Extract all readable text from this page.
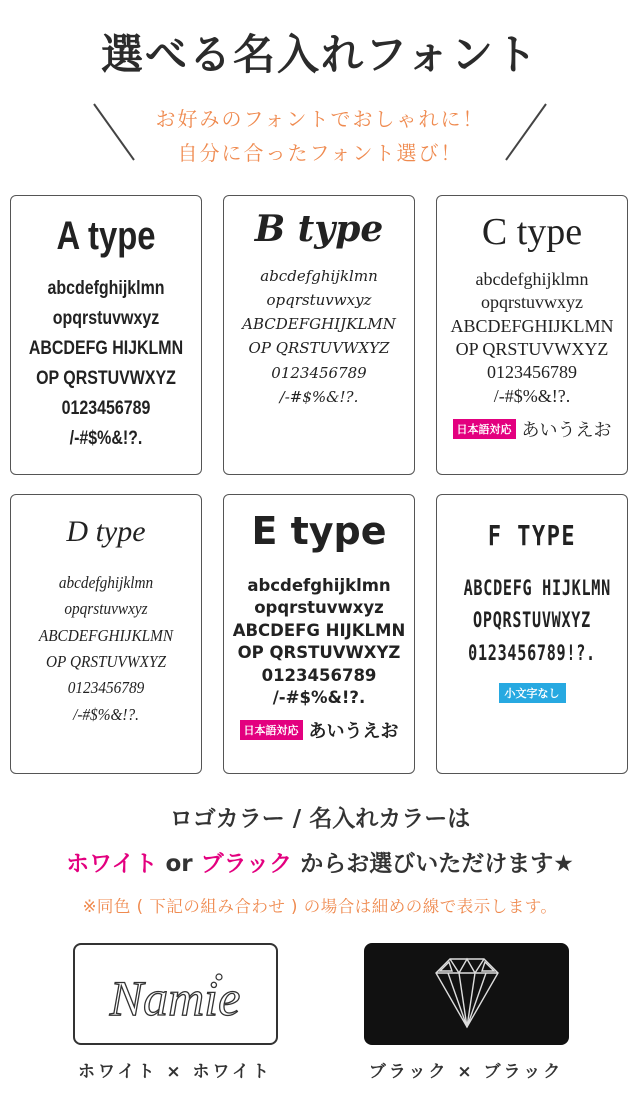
選べる名入れフォント
お好みのフォントでおしゃれに！
自分に合ったフォント選び！
A type
abcdefghijklmn
opqrstuvwxyz
ABCDEFG HIJKLMN
OP QRSTUVWXYZ
0123456789
/-#$%&!?.
B type
abcdefghijklmn
opqrstuvwxyz
ABCDEFGHIJKLMN
OP QRSTUVWXYZ
0123456789
/-#$%&!?.
C type
abcdefghijklmn
opqrstuvwxyz
ABCDEFGHIJKLMN
OP QRSTUVWXYZ
0123456789
/-#$%&!?.
日本語対応 あいうえお
D type
abcdefghijklmn
opqrstuvwxyz
ABCDEFGHIJKLMN
OP QRSTUVWXYZ
0123456789
/-#$%&!?.
E type
abcdefghijklmn
opqrstuvwxyz
ABCDEFG HIJKLMN
OP QRSTUVWXYZ
0123456789
/-#$%&!?.
日本語対応 あいうえお
F TYPE
ABCDEFG HIJKLMN
OPQRSTUVWXYZ
0123456789!?.
小文字なし
ロゴカラー / 名入れカラーは
ホワイト or ブラック からお選びいただけます★
※同色 ( 下記の組み合わせ ) の場合は細めの線で表示します。
Namie
ホワイト × ホワイト	ブラック × ブラック
